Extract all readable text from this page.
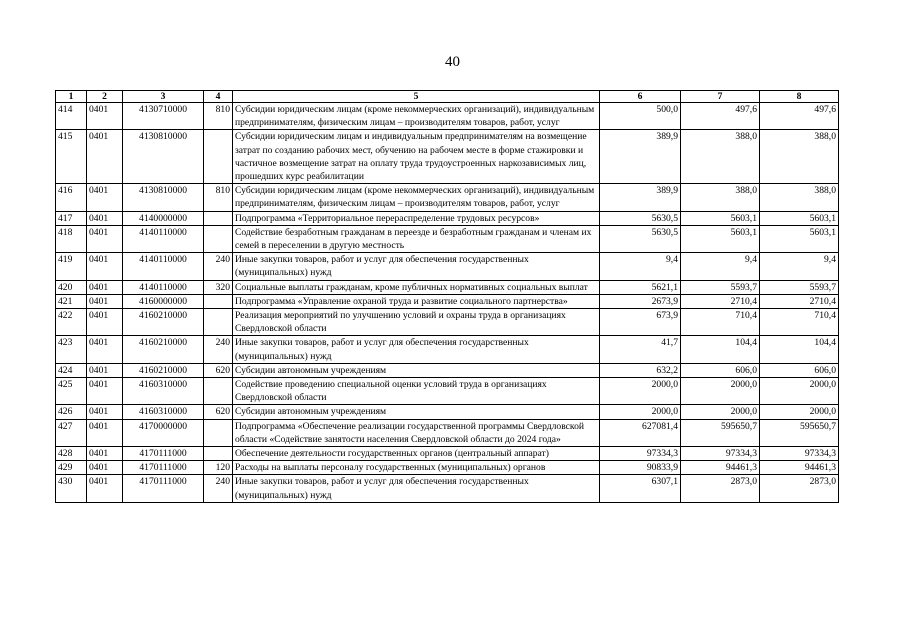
40
1	2	3	4	5	6	7	8
414	0401	4130710000	810	Субсидии юридическим лицам (кроме некоммерческих организаций), индивидуальным предпринимателям, физическим лицам – производителям товаров, работ, услуг	500,0	497,6	497,6
415	0401	4130810000		Субсидии юридическим лицам и индивидуальным предпринимателям на возмещение затрат по созданию рабочих мест, обучению на рабочем месте в форме стажировки и частичное возмещение затрат на оплату труда трудоустроенных наркозависимых лиц, прошедших курс реабилитации	389,9	388,0	388,0
416	0401	4130810000	810	Субсидии юридическим лицам (кроме некоммерческих организаций), индивидуальным предпринимателям, физическим лицам – производителям товаров, работ, услуг	389,9	388,0	388,0
417	0401	4140000000		Подпрограмма «Территориальное перераспределение трудовых ресурсов»	5630,5	5603,1	5603,1
418	0401	4140110000		Содействие безработным гражданам в переезде и безработным гражданам и членам их семей в переселении в другую местность	5630,5	5603,1	5603,1
419	0401	4140110000	240	Иные закупки товаров, работ и услуг для обеспечения государственных (муниципальных) нужд	9,4	9,4	9,4
420	0401	4140110000	320	Социальные выплаты гражданам, кроме публичных нормативных социальных выплат	5621,1	5593,7	5593,7
421	0401	4160000000		Подпрограмма «Управление охраной труда и развитие социального партнерства»	2673,9	2710,4	2710,4
422	0401	4160210000		Реализация мероприятий по улучшению условий и охраны труда в организациях Свердловской области	673,9	710,4	710,4
423	0401	4160210000	240	Иные закупки товаров, работ и услуг для обеспечения государственных (муниципальных) нужд	41,7	104,4	104,4
424	0401	4160210000	620	Субсидии автономным учреждениям	632,2	606,0	606,0
425	0401	4160310000		Содействие проведению специальной оценки условий труда в организациях Свердловской области	2000,0	2000,0	2000,0
426	0401	4160310000	620	Субсидии автономным учреждениям	2000,0	2000,0	2000,0
427	0401	4170000000		Подпрограмма «Обеспечение реализации государственной программы Свердловской области «Содействие занятости населения Свердловской области до 2024 года»	627081,4	595650,7	595650,7
428	0401	4170111000		Обеспечение деятельности государственных органов (центральный аппарат)	97334,3	97334,3	97334,3
429	0401	4170111000	120	Расходы на выплаты персоналу государственных (муниципальных) органов	90833,9	94461,3	94461,3
430	0401	4170111000	240	Иные закупки товаров, работ и услуг для обеспечения государственных (муниципальных) нужд	6307,1	2873,0	2873,0
